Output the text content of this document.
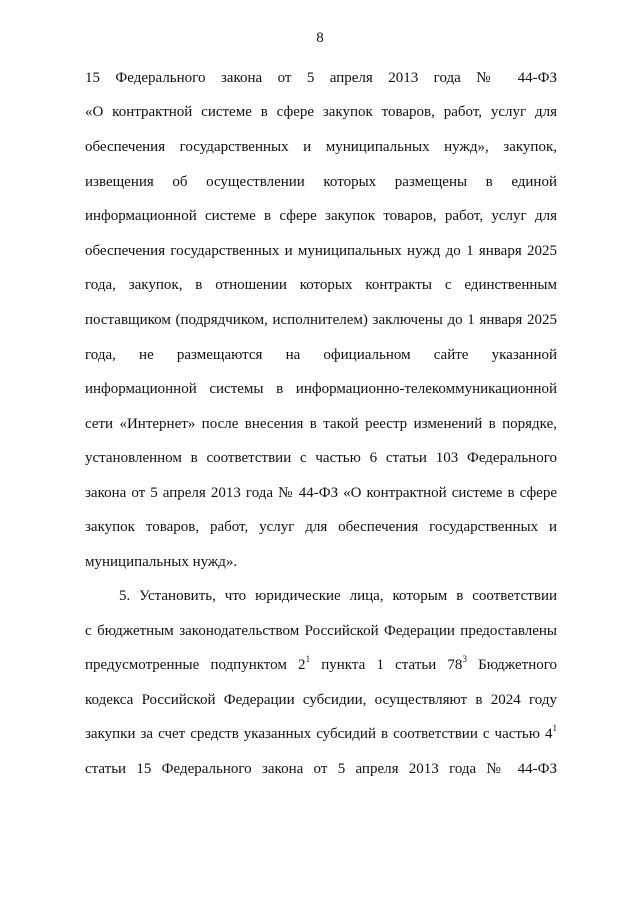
8
15 Федерального закона от 5 апреля 2013 года № 44-ФЗ
«О контрактной системе в сфере закупок товаров, работ, услуг для
обеспечения государственных и муниципальных нужд», закупок,
извещения об осуществлении которых размещены в единой
информационной системе в сфере закупок товаров, работ, услуг для
обеспечения государственных и муниципальных нужд до 1 января 2025
года, закупок, в отношении которых контракты с единственным
поставщиком (подрядчиком, исполнителем) заключены до 1 января 2025
года, не размещаются на официальном сайте указанной
информационной системы в информационно-телекоммуникационной
сети «Интернет» после внесения в такой реестр изменений в порядке,
установленном в соответствии с частью 6 статьи 103 Федерального
закона от 5 апреля 2013 года № 44-ФЗ «О контрактной системе в сфере
закупок товаров, работ, услуг для обеспечения государственных и
муниципальных нужд».
5. Установить, что юридические лица, которым в соответствии
с бюджетным законодательством Российской Федерации предоставлены
предусмотренные подпунктом $2^1$ пункта 1 статьи $78^3$ Бюджетного
кодекса Российской Федерации субсидии, осуществляют в 2024 году
закупки за счет средств указанных субсидий в соответствии с частью $4^1$
статьи 15 Федерального закона от 5 апреля 2013 года № 44-ФЗ
